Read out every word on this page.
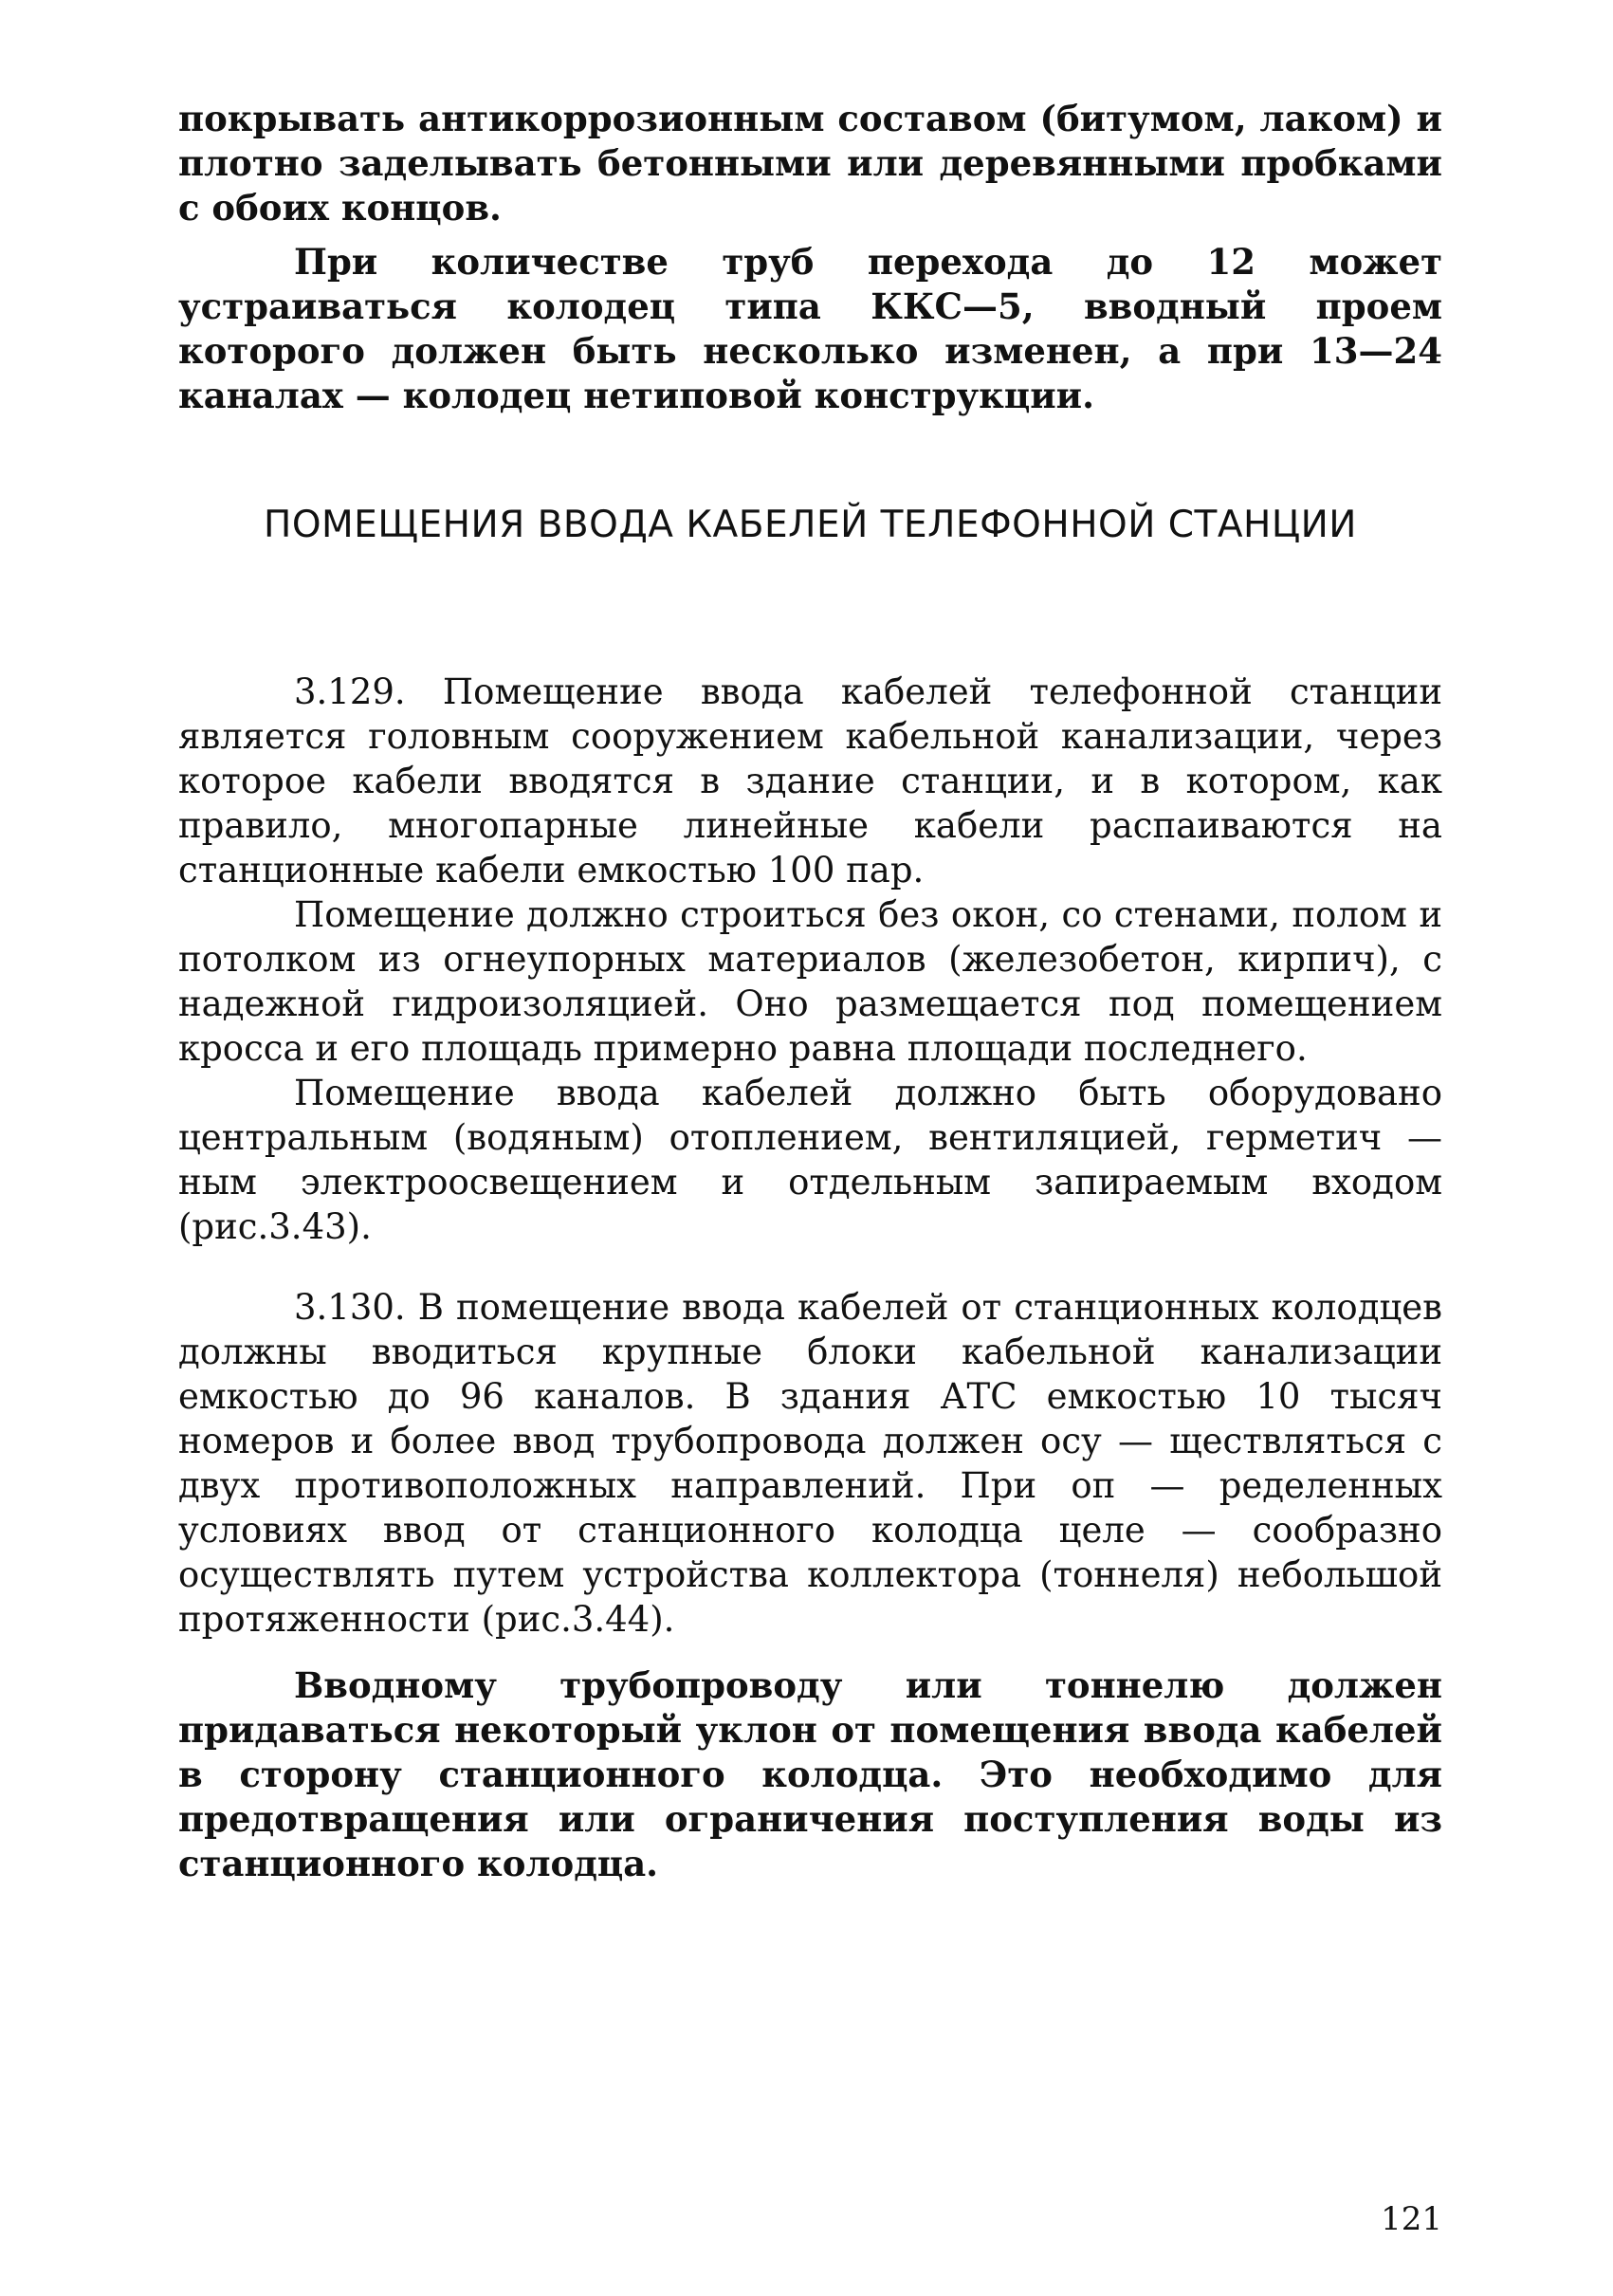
покрывать антикоррозионным составом (битумом, лаком) и плотно заделывать бетонными или деревянными пробками с обоих концов.

При количестве труб перехода до 12 может устраиваться колодец типа ККС—5, вводный проем которого должен быть несколько изменен, а при 13—24 каналах — колодец нетиповой конструкции.

ПОМЕЩЕНИЯ ВВОДА КАБЕЛЕЙ ТЕЛЕФОННОЙ СТАНЦИИ

3.129. Помещение ввода кабелей телефонной станции является головным сооружением кабельной канализации, через которое кабели вводятся в здание станции, и в котором, как правило, многопарные линейные кабели распаиваются на станционные кабели емкостью 100 пар.

Помещение должно строиться без окон, со стенами, полом и потолком из огнеупорных материалов (железобетон, кирпич), с надежной гидроизоляцией. Оно размещается под помещением кросса и его площадь примерно равна площади последнего.

Помещение ввода кабелей должно быть оборудовано центральным (водяным) отоплением, вентиляцией, герметич — ным электроосвещением и отдельным запираемым входом (рис.3.43).

3.130. В помещение ввода кабелей от станционных колодцев должны вводиться крупные блоки кабельной канализации емкостью до 96 каналов. В здания АТС емкостью 10 тысяч номеров и более ввод трубопровода должен осу — ществляться с двух противоположных направлений. При оп — ределенных условиях ввод от станционного колодца целе — сообразно осуществлять путем устройства коллектора (тоннеля) небольшой протяженности (рис.3.44).

Вводному трубопроводу или тоннелю должен придаваться некоторый уклон от помещения ввода кабелей в сторону станционного колодца. Это необходимо для предотвращения или ограничения поступления воды из станционного колодца.

121
